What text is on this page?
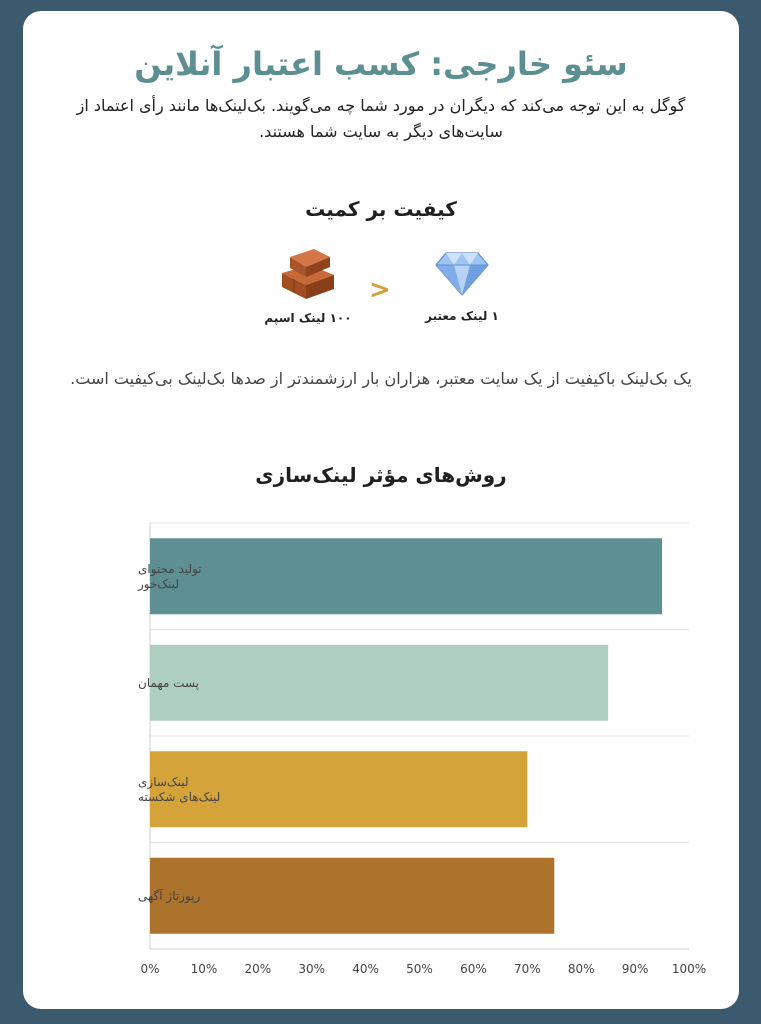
سئو خارجی: کسب اعتبار آنلاین

گوگل به این توجه می‌کند که دیگران در مورد شما چه می‌گویند. بک‌لینک‌ها مانند رأی اعتماد از سایت‌های دیگر به سایت شما هستند.

کیفیت بر کمیت
۱ لینک معتبر
>
۱۰۰ لینک اسپم

یک بک‌لینک باکیفیت از یک سایت معتبر، هزاران بار ارزشمندتر از صدها بک‌لینک بی‌کیفیت است.

روش‌های مؤثر لینک‌سازی
تولید محتوای لینک‌خور
پست مهمان
لینک‌سازی لینک‌های شکسته
رپورتاژ آگهی
0%	10% 20% 30% 40% 50% 60% 70% 80% 90% 100%
